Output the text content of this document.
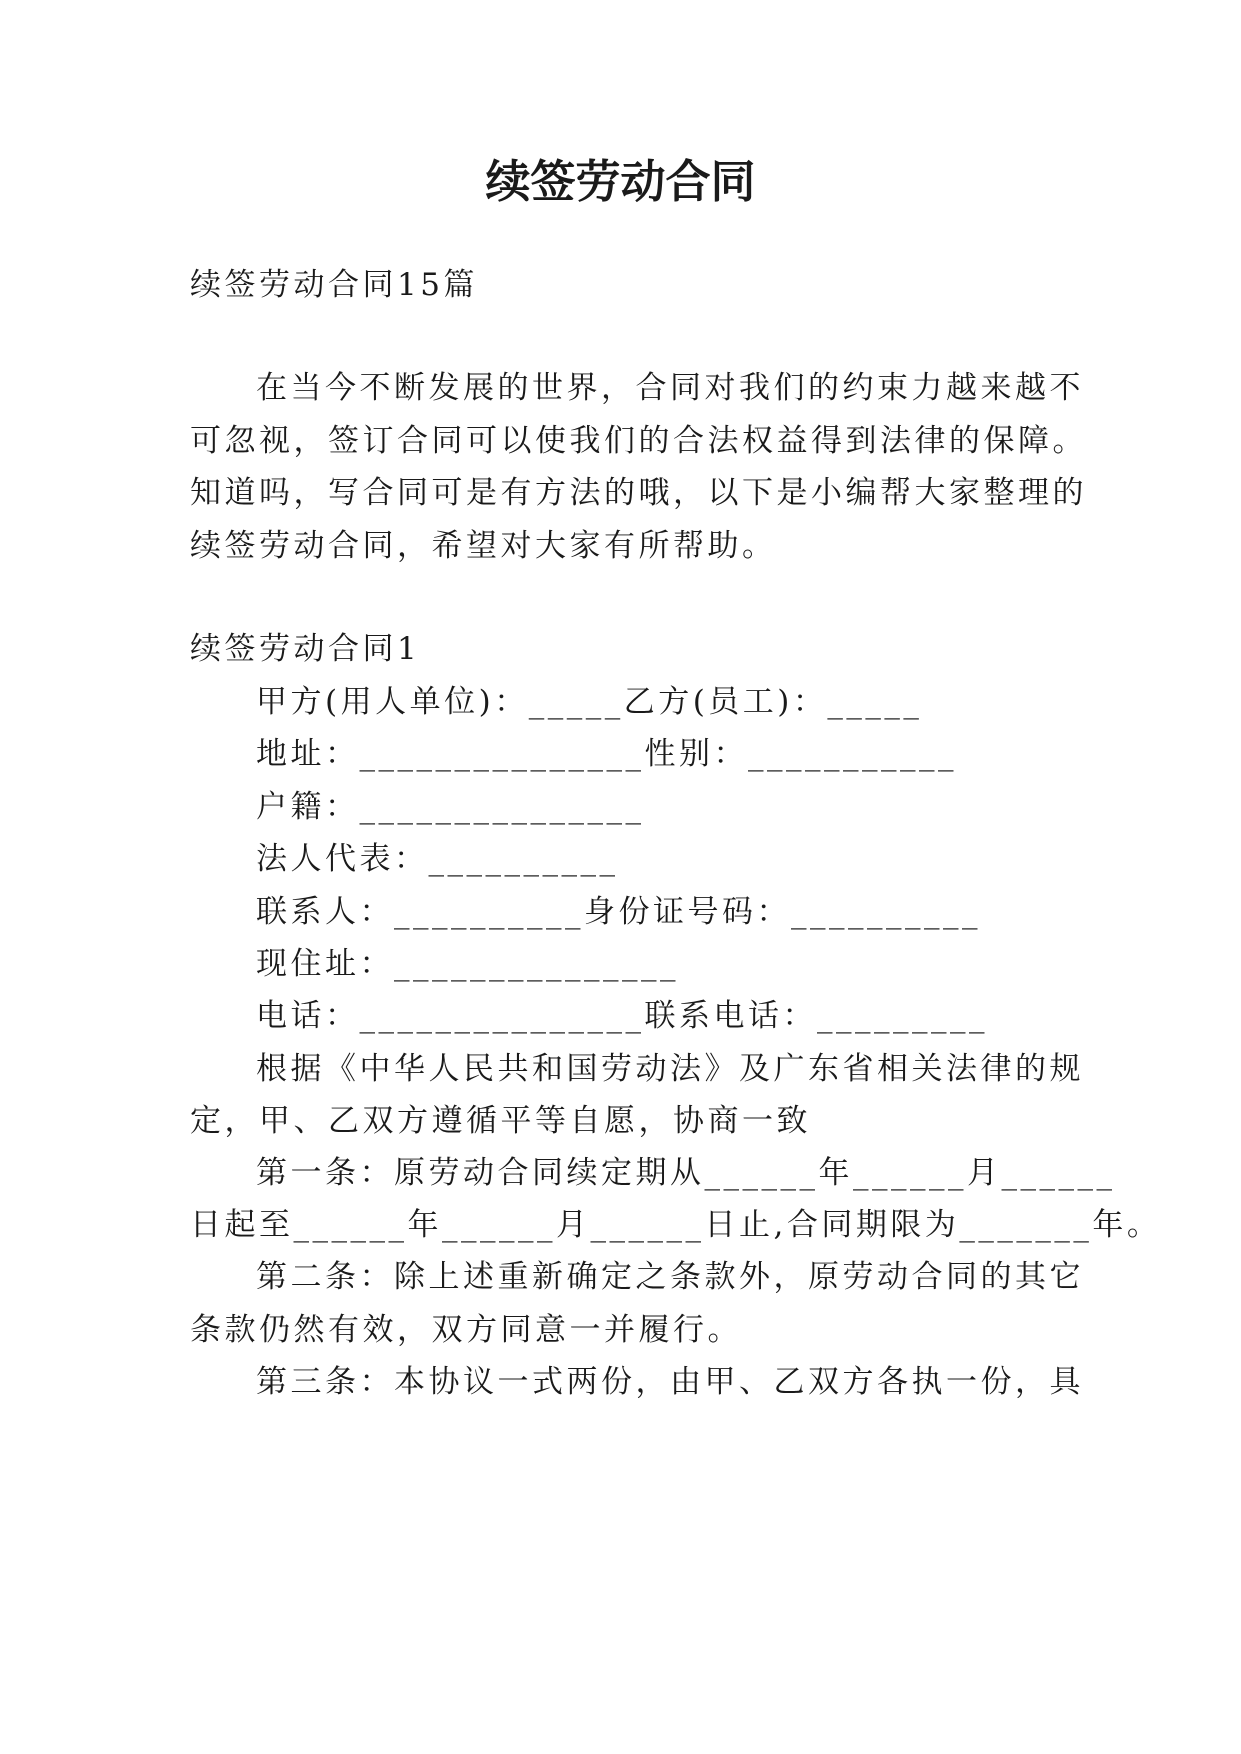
续签劳动合同
续签劳动合同15篇
在当今不断发展的世界，合同对我们的约束力越来越不
可忽视，签订合同可以使我们的合法权益得到法律的保障。
知道吗，写合同可是有方法的哦，以下是小编帮大家整理的
续签劳动合同，希望对大家有所帮助。
续签劳动合同1
甲方(用人单位)：_____乙方(员工)：_____
地址：_______________性别：___________
户籍：_______________
法人代表：__________
联系人：__________身份证号码：__________
现住址：_______________
电话：_______________联系电话：_________
根据《中华人民共和国劳动法》及广东省相关法律的规
定，甲、乙双方遵循平等自愿，协商一致
第一条：原劳动合同续定期从______年______月______
日起至______年______月______日止,合同期限为_______年。
第二条：除上述重新确定之条款外，原劳动合同的其它
条款仍然有效，双方同意一并履行。
第三条：本协议一式两份，由甲、乙双方各执一份，具
